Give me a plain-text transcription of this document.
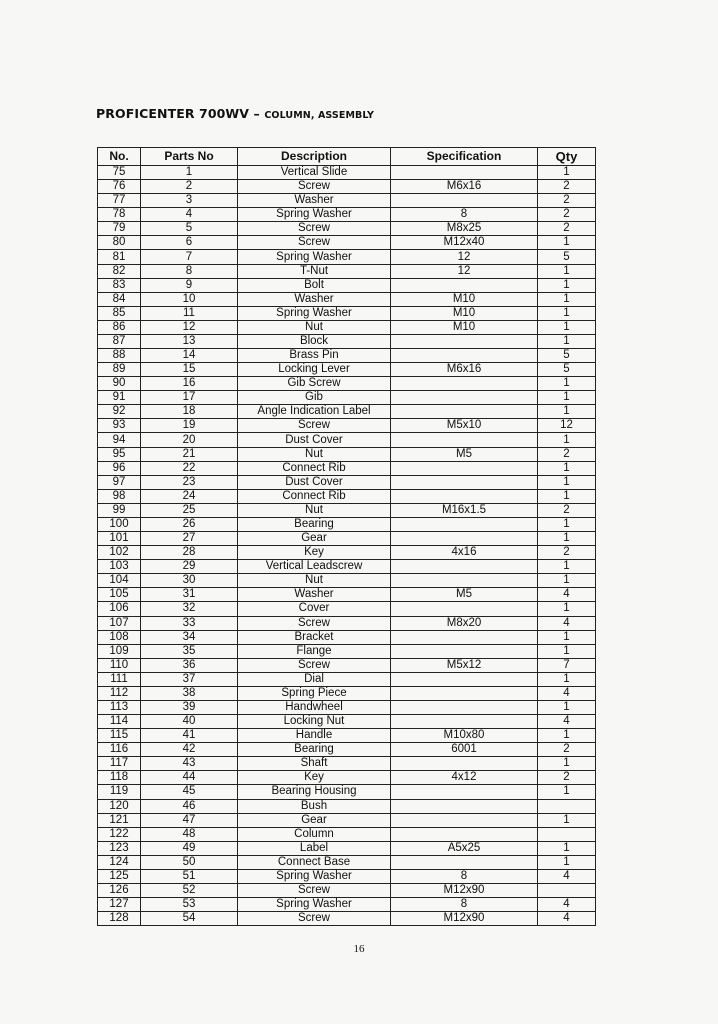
PROFICENTER 700WV – COLUMN, ASSEMBLY
No.	Parts No	Description	Specification	Qty
75	1	Vertical Slide		1
76	2	Screw	M6x16	2
77	3	Washer		2
78	4	Spring Washer	8	2
79	5	Screw	M8x25	2
80	6	Screw	M12x40	1
81	7	Spring Washer	12	5
82	8	T-Nut	12	1
83	9	Bolt		1
84	10	Washer	M10	1
85	11	Spring Washer	M10	1
86	12	Nut	M10	1
87	13	Block		1
88	14	Brass Pin		5
89	15	Locking Lever	M6x16	5
90	16	Gib Screw		1
91	17	Gib		1
92	18	Angle Indication Label		1
93	19	Screw	M5x10	12
94	20	Dust Cover		1
95	21	Nut	M5	2
96	22	Connect Rib		1
97	23	Dust Cover		1
98	24	Connect Rib		1
99	25	Nut	M16x1.5	2
100	26	Bearing		1
101	27	Gear		1
102	28	Key	4x16	2
103	29	Vertical Leadscrew		1
104	30	Nut		1
105	31	Washer	M5	4
106	32	Cover		1
107	33	Screw	M8x20	4
108	34	Bracket		1
109	35	Flange		1
110	36	Screw	M5x12	7
111	37	Dial		1
112	38	Spring Piece		4
113	39	Handwheel		1
114	40	Locking Nut		4
115	41	Handle	M10x80	1
116	42	Bearing	6001	2
117	43	Shaft		1
118	44	Key	4x12	2
119	45	Bearing Housing		1
120	46	Bush		
121	47	Gear		1
122	48	Column		
123	49	Label	A5x25	1
124	50	Connect Base		1
125	51	Spring Washer	8	4
126	52	Screw	M12x90	
127	53	Spring Washer	8	4
128	54	Screw	M12x90	4
16
